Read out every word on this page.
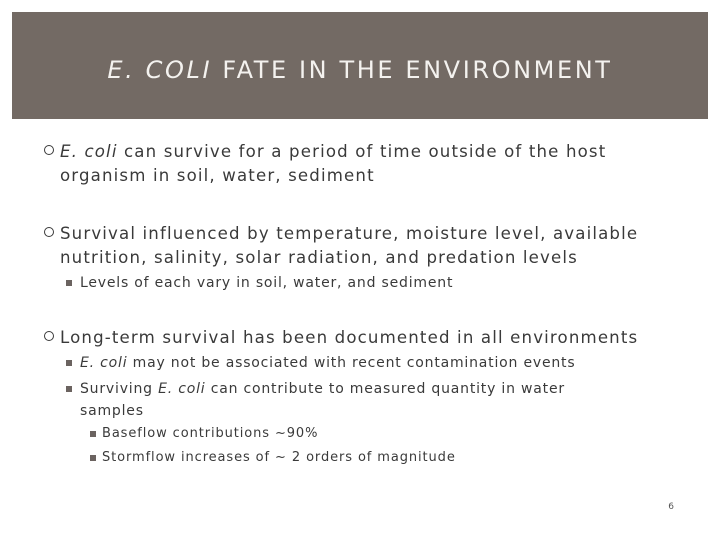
E. COLI FATE IN THE ENVIRONMENT
E. coli can survive for a period of time outside of the host organism in soil, water, sediment
Survival influenced by temperature, moisture level, available nutrition, salinity, solar radiation, and predation levels
Levels of each vary in soil, water, and sediment
Long-term survival has been documented in all environments
E. coli may not be associated with recent contamination events
Surviving E. coli can contribute to measured quantity in water samples
Baseflow contributions ~90%
Stormflow increases of ~ 2 orders of magnitude
6
